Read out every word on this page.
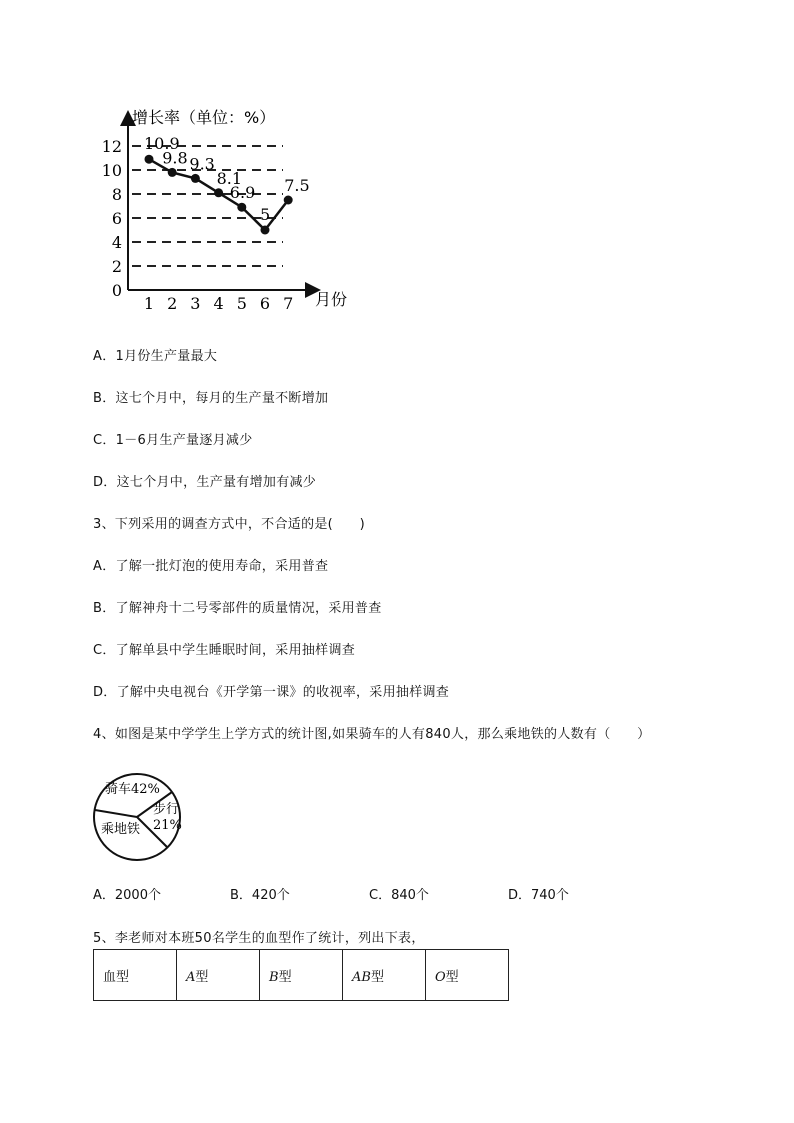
增长率（单位：%）
月份
0
2
4
6
8
10
12
1 2 3 4 5 6 7
10.9
9.8 9.3
8.1
6.9
5
7.5
A．1月份生产量最大
B．这七个月中，每月的生产量不断增加
C．1－6月生产量逐月减少
D．这七个月中，生产量有增加有减少
3、下列采用的调查方式中，不合适的是(　　)
A．了解一批灯泡的使用寿命，采用普查
B．了解神舟十二号零部件的质量情况，采用普查
C．了解单县中学生睡眠时间，采用抽样调查
D．了解中央电视台《开学第一课》的收视率，采用抽样调查
4、如图是某中学学生上学方式的统计图,如果骑车的人有840人，那么乘地铁的人数有（　　）
骑车42%
步行
21%
乘地铁
A．2000个	B．420个	C．840个	D．740个
5、李老师对本班50名学生的血型作了统计，列出下表，
血型	A型	B型	AB型	O型
